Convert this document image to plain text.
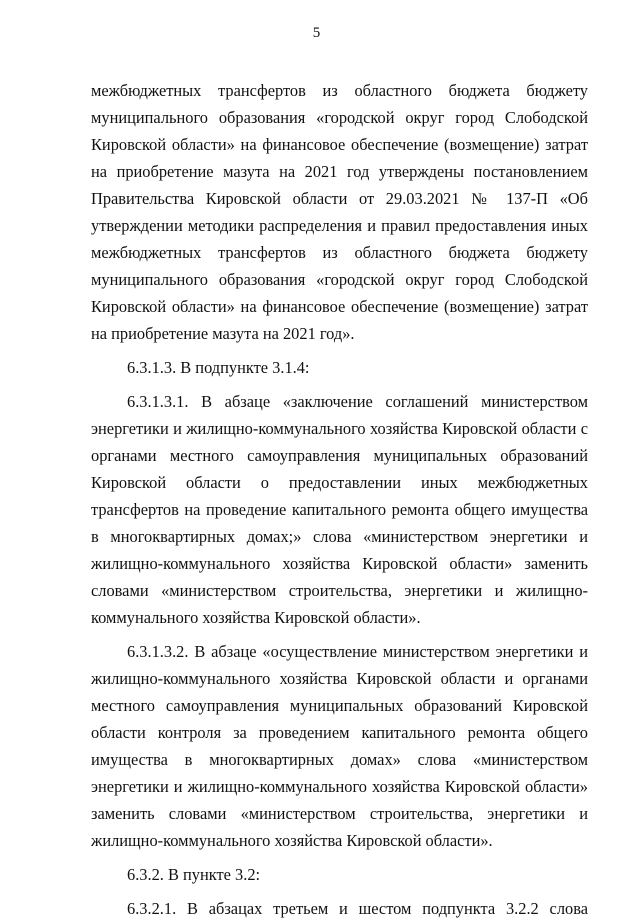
5

межбюджетных трансфертов из областного бюджета бюджету муниципального образования «городской округ город Слободской Кировской области» на финансовое обеспечение (возмещение) затрат на приобретение мазута на 2021 год утверждены постановлением Правительства Кировской области от 29.03.2021 № 137-П «Об утверждении методики распределения и правил предоставления иных межбюджетных трансфертов из областного бюджета бюджету муниципального образования «городской округ город Слободской Кировской области» на финансовое обеспечение (возмещение) затрат на приобретение мазута на 2021 год».

6.3.1.3. В подпункте 3.1.4:

6.3.1.3.1. В абзаце «заключение соглашений министерством энергетики и жилищно-коммунального хозяйства Кировской области с органами местного самоуправления муниципальных образований Кировской области о предоставлении иных межбюджетных трансфертов на проведение капитального ремонта общего имущества в многоквартирных домах;» слова «министерством энергетики и жилищно-коммунального хозяйства Кировской области» заменить словами «министерством строительства, энергетики и жилищно-коммунального хозяйства Кировской области».

6.3.1.3.2. В абзаце «осуществление министерством энергетики и жилищно-коммунального хозяйства Кировской области и органами местного самоуправления муниципальных образований Кировской области контроля за проведением капитального ремонта общего имущества в многоквартирных домах» слова «министерством энергетики и жилищно-коммунального хозяйства Кировской области» заменить словами «министерством строительства, энергетики и жилищно-коммунального хозяйства Кировской области».

6.3.2. В пункте 3.2:

6.3.2.1. В абзацах третьем и шестом подпункта 3.2.2 слова
